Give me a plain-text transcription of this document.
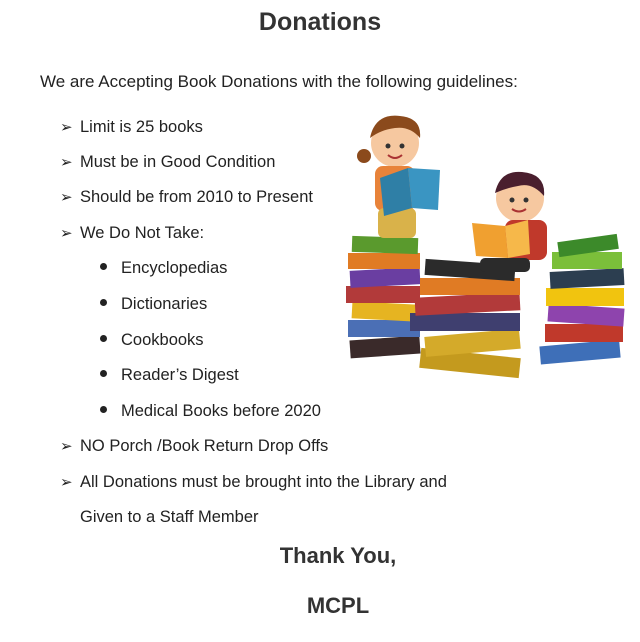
Donations
We are Accepting Book Donations with the following guidelines:
➢ Limit is 25 books
➢ Must be in Good Condition
➢ Should be from 2010 to Present
➢ We Do Not Take:
Encyclopedias
Dictionaries
Cookbooks
Reader’s Digest
Medical Books before 2020
➢ NO Porch /Book Return Drop Offs
➢ All Donations must be brought into the Library and
Given to a Staff Member
Thank You,
MCPL
